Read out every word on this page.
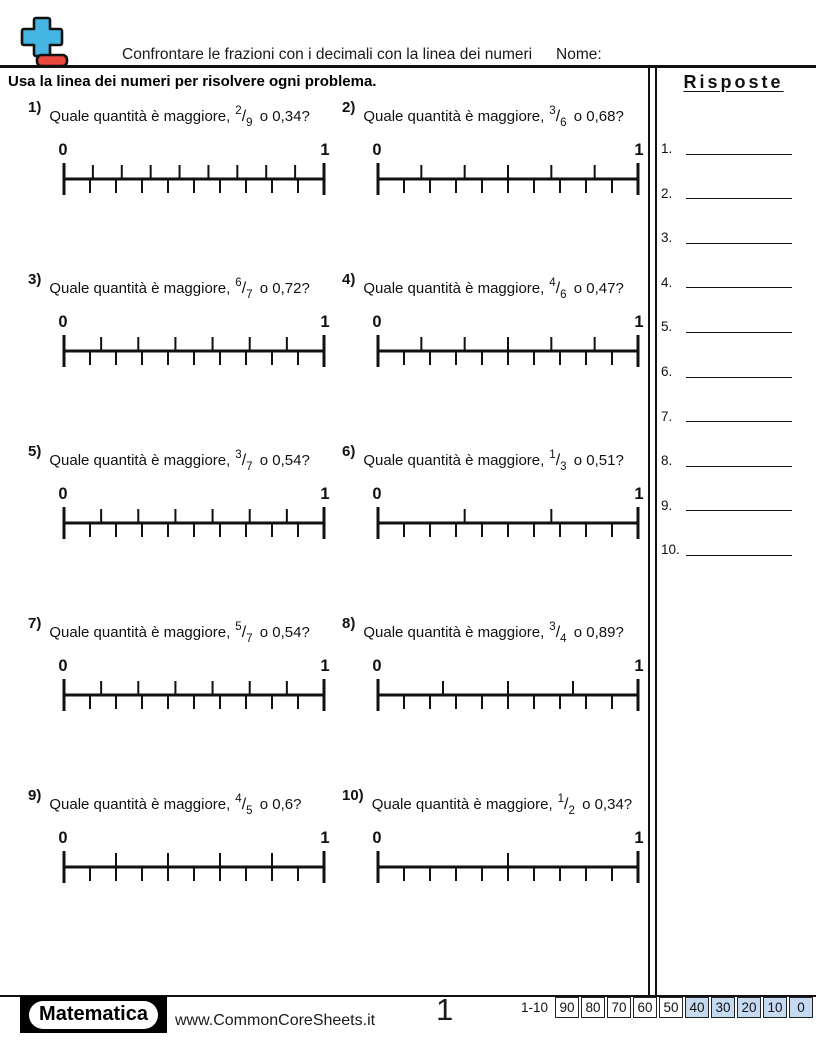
Confrontare le frazioni con i decimali con la linea dei numeri Nome:
Usa la linea dei numeri per risolvere ogni problema.
1)
Quale quantità è maggiore, $^2/_9$ o 0,34?
0	1
2)
Quale quantità è maggiore, $^3/_6$ o 0,68?
0	1
3)
Quale quantità è maggiore, $^6/_7$ o 0,72?
0	1
4)
Quale quantità è maggiore, $^4/_6$ o 0,47?
0	1
5)
Quale quantità è maggiore, $^3/_7$ o 0,54?
0	1
6)
Quale quantità è maggiore, $^1/_3$ o 0,51?
0	1
7)
Quale quantità è maggiore, $^5/_7$ o 0,54?
0	1
8)
Quale quantità è maggiore, $^3/_4$ o 0,89?
0	1
9)
Quale quantità è maggiore, $^4/_5$ o 0,6?
0	1
10)
Quale quantità è maggiore, $^1/_2$ o 0,34?
0	1
Risposte
1.
2.
3.
4.
5.
6.
7.
8.
9.
10.
Matematica	www.CommonCoreSheets.it 1	1-10 90 80 70 60 50 40 30 20 10	0
